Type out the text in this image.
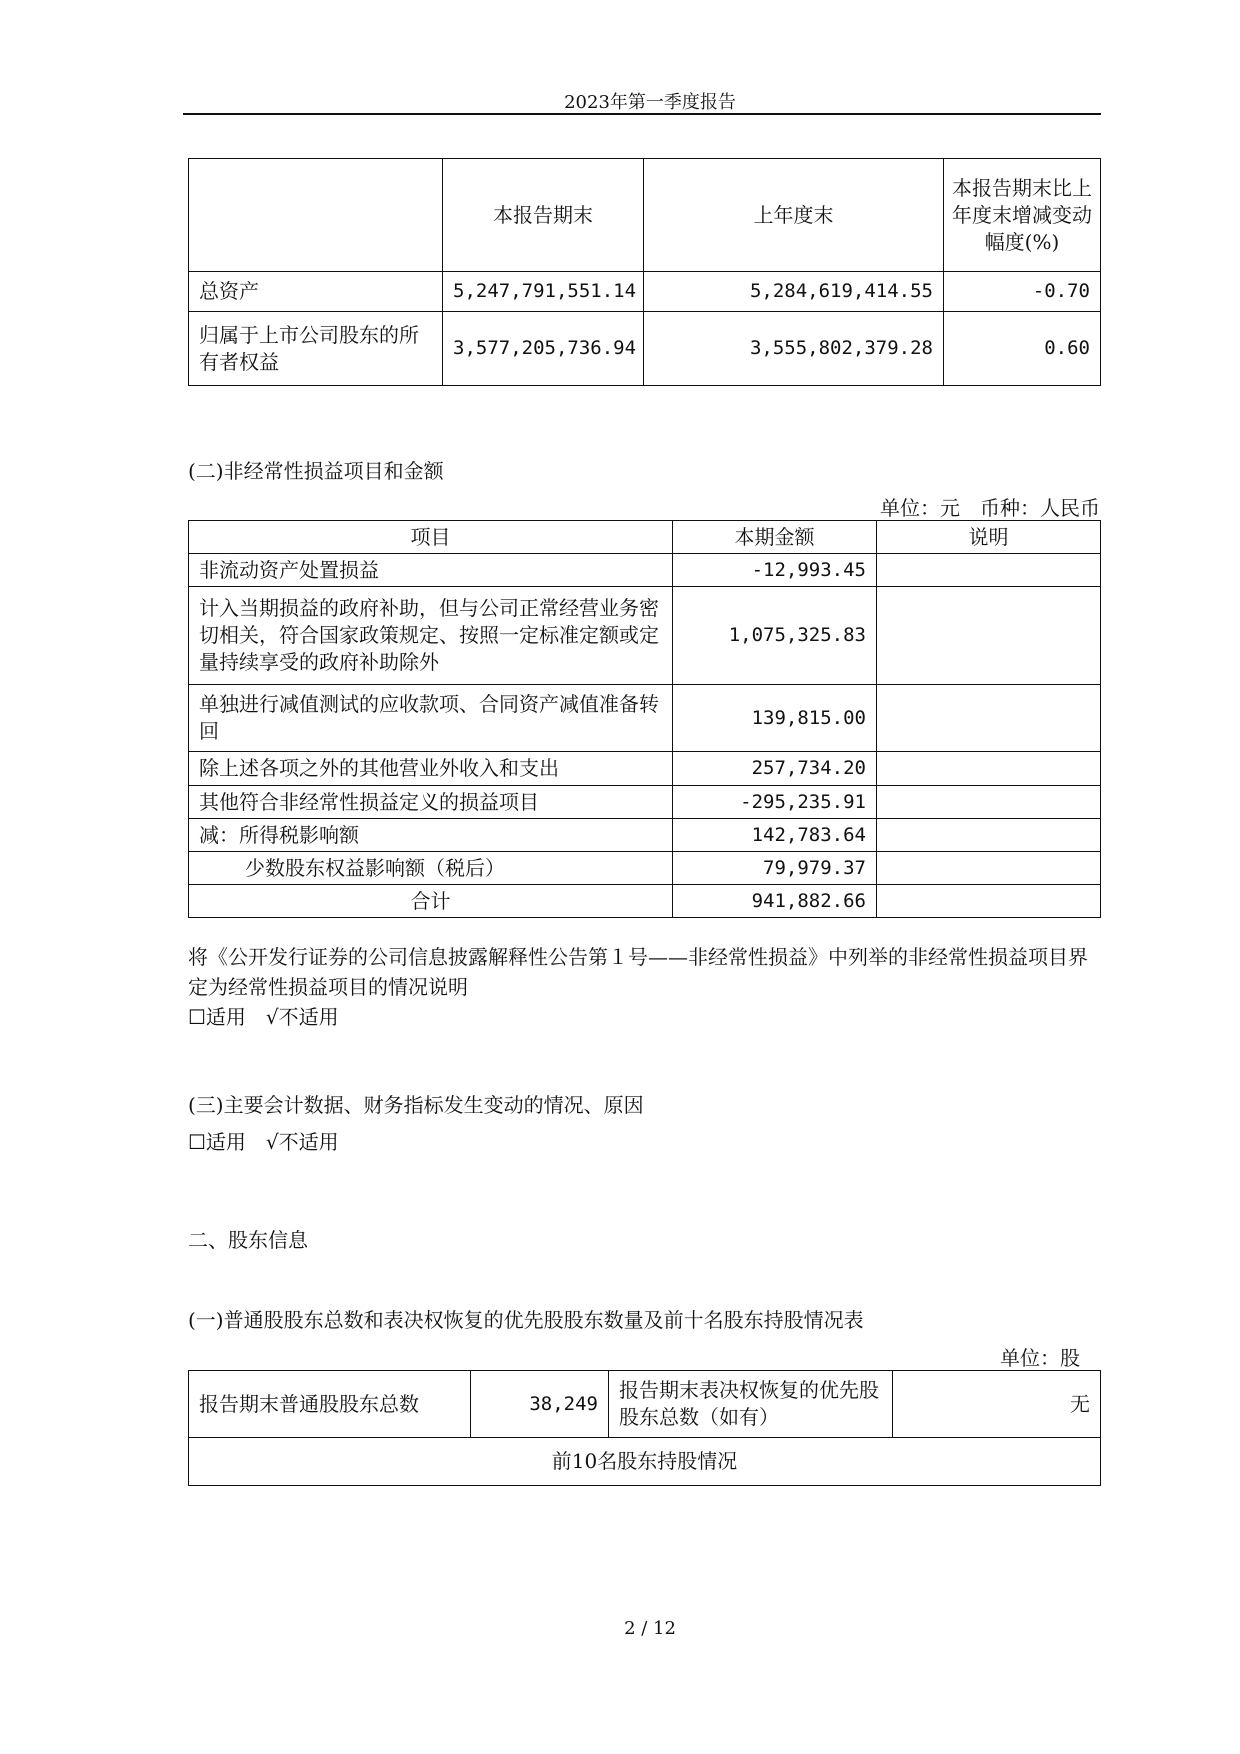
2023年第一季度报告
	本报告期末	上年度末	本报告期末比上年度末增减变动幅度(%)
总资产	5,247,791,551.14	5,284,619,414.55	-0.70
归属于上市公司股东的所有者权益	3,577,205,736.94	3,555,802,379.28	0.60
(二)非经常性损益项目和金额
单位：元　币种：人民币
项目	本期金额	说明
非流动资产处置损益	-12,993.45	
计入当期损益的政府补助，但与公司正常经营业务密切相关，符合国家政策规定、按照一定标准定额或定量持续享受的政府补助除外	1,075,325.83	
单独进行减值测试的应收款项、合同资产减值准备转回	139,815.00	
除上述各项之外的其他营业外收入和支出	257,734.20	
其他符合非经常性损益定义的损益项目	-295,235.91	
减：所得税影响额	142,783.64	
少数股东权益影响额（税后）	79,979.37	
合计	941,882.66	
将《公开发行证券的公司信息披露解释性公告第１号——非经常性损益》中列举的非经常性损益项目界定为经常性损益项目的情况说明
☐适用　√不适用
(三)主要会计数据、财务指标发生变动的情况、原因
☐适用　√不适用
二、股东信息
(一)普通股股东总数和表决权恢复的优先股股东数量及前十名股东持股情况表
单位：股
报告期末普通股股东总数	38,249	报告期末表决权恢复的优先股股东总数（如有）	无
前10名股东持股情况
2 / 12
